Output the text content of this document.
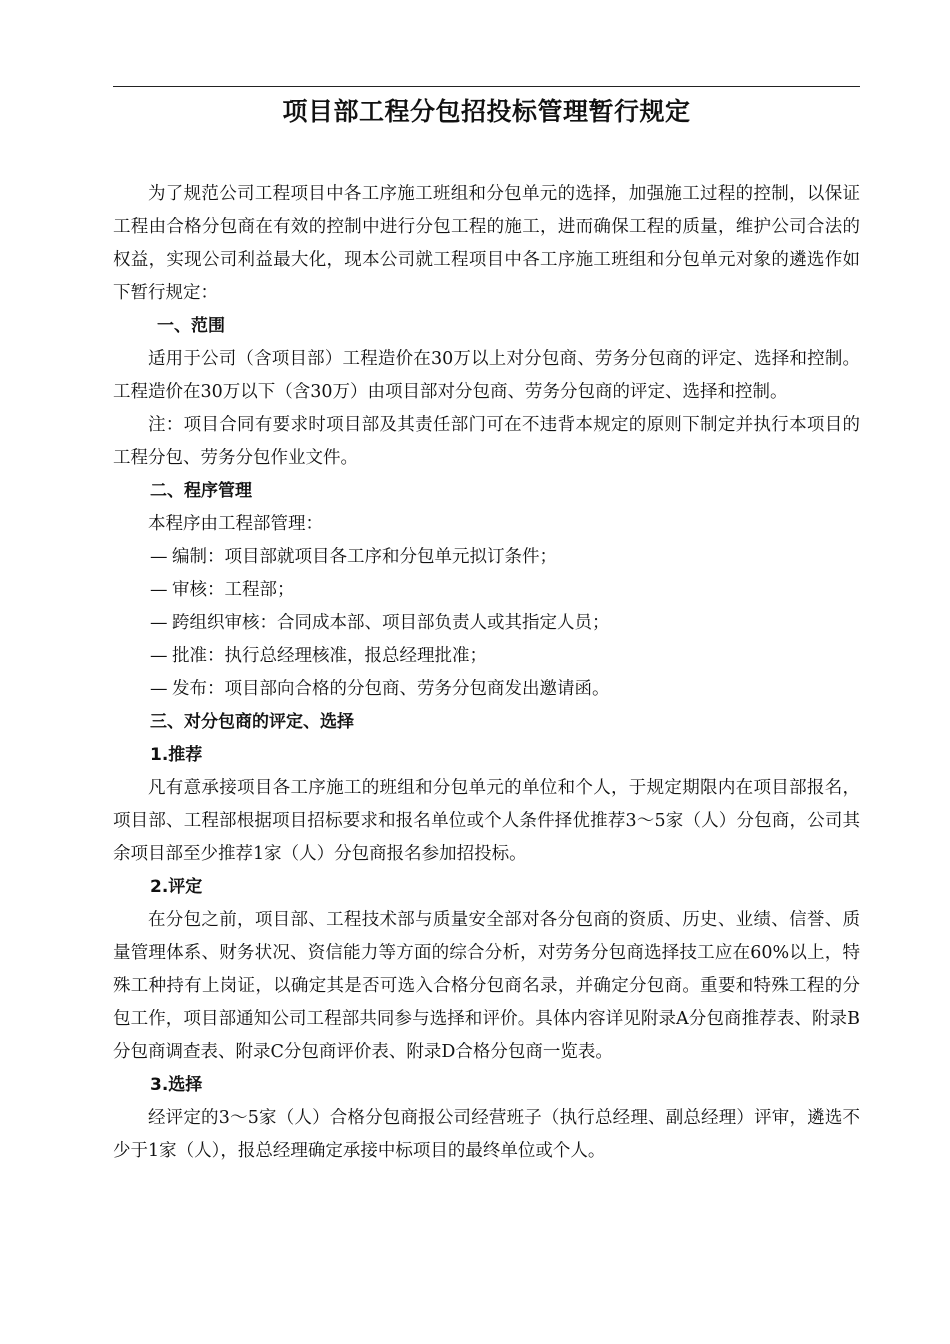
项目部工程分包招投标管理暂行规定

为了规范公司工程项目中各工序施工班组和分包单元的选择，加强施工过程的控制，以保证工程由合格分包商在有效的控制中进行分包工程的施工，进而确保工程的质量，维护公司合法的权益，实现公司利益最大化，现本公司就工程项目中各工序施工班组和分包单元对象的遴选作如下暂行规定：

一、范围

适用于公司（含项目部）工程造价在30万以上对分包商、劳务分包商的评定、选择和控制。工程造价在30万以下（含30万）由项目部对分包商、劳务分包商的评定、选择和控制。

注：项目合同有要求时项目部及其责任部门可在不违背本规定的原则下制定并执行本项目的工程分包、劳务分包作业文件。

二、程序管理

本程序由工程部管理：

— 编制：项目部就项目各工序和分包单元拟订条件；

— 审核：工程部；

— 跨组织审核：合同成本部、项目部负责人或其指定人员；

— 批准：执行总经理核准，报总经理批准；

— 发布：项目部向合格的分包商、劳务分包商发出邀请函。

三、对分包商的评定、选择

1.推荐

凡有意承接项目各工序施工的班组和分包单元的单位和个人，于规定期限内在项目部报名，项目部、工程部根据项目招标要求和报名单位或个人条件择优推荐3～5家（人）分包商，公司其余项目部至少推荐1家（人）分包商报名参加招投标。

2.评定

在分包之前，项目部、工程技术部与质量安全部对各分包商的资质、历史、业绩、信誉、质量管理体系、财务状况、资信能力等方面的综合分析，对劳务分包商选择技工应在60%以上，特殊工种持有上岗证，以确定其是否可选入合格分包商名录，并确定分包商。重要和特殊工程的分包工作，项目部通知公司工程部共同参与选择和评价。具体内容详见附录A分包商推荐表、附录B分包商调查表、附录C分包商评价表、附录D合格分包商一览表。

3.选择

经评定的3～5家（人）合格分包商报公司经营班子（执行总经理、副总经理）评审，遴选不少于1家（人），报总经理确定承接中标项目的最终单位或个人。
